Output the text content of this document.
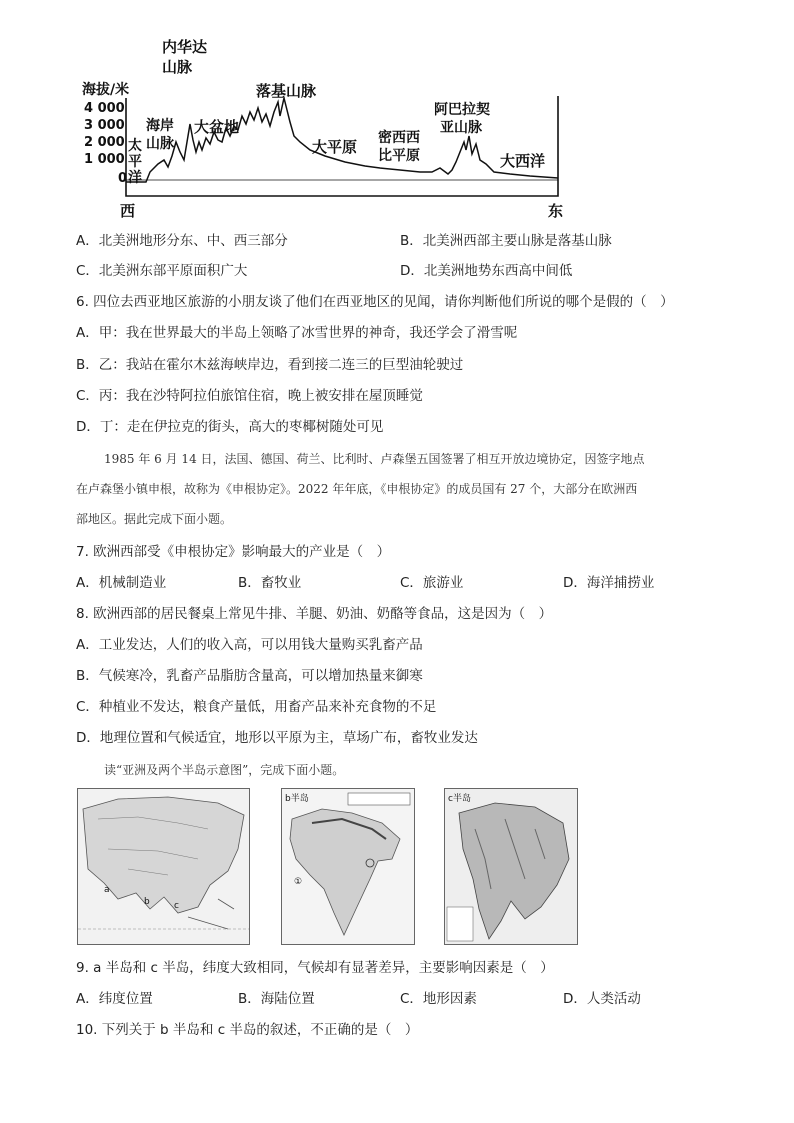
海拔/米
4 000
3 000
2 000
1 000
0
太
平
洋
海岸
山脉
内华达
山脉
大盆地
落基山脉
大平原 密西西
比平原
阿巴拉契
亚山脉
大西洋
西	东
A．北美洲地形分东、中、西三部分	B．北美洲西部主要山脉是落基山脉
C．北美洲东部平原面积广大	D．北美洲地势东西高中间低
6. 四位去西亚地区旅游的小朋友谈了他们在西亚地区的见闻，请你判断他们所说的哪个是假的（　）
A．甲：我在世界最大的半岛上领略了冰雪世界的神奇，我还学会了滑雪呢
B．乙：我站在霍尔木兹海峡岸边，看到接二连三的巨型油轮驶过
C．丙：我在沙特阿拉伯旅馆住宿，晚上被安排在屋顶睡觉
D．丁：走在伊拉克的街头，高大的枣椰树随处可见
1985 年 6 月 14 日，法国、德国、荷兰、比利时、卢森堡五国签署了相互开放边境协定，因签字地点
在卢森堡小镇申根，故称为《申根协定》。2022 年年底，《申根协定》的成员国有 27 个，大部分在欧洲西
部地区。据此完成下面小题。
7. 欧洲西部受《申根协定》影响最大的产业是（　）
A．机械制造业	B．畜牧业	C．旅游业	D．海洋捕捞业
8. 欧洲西部的居民餐桌上常见牛排、羊腿、奶油、奶酪等食品，这是因为（　）
A．工业发达，人们的收入高，可以用钱大量购买乳畜产品
B．气候寒冷，乳畜产品脂肪含量高，可以增加热量来御寒
C．种植业不发达，粮食产量低，用畜产品来补充食物的不足
D．地理位置和气候适宜，地形以平原为主，草场广布，畜牧业发达
读“亚洲及两个半岛示意图”，完成下面小题。
a
b	c
b半岛
①
c半岛
9. a 半岛和 c 半岛，纬度大致相同，气候却有显著差异，主要影响因素是（　）
A．纬度位置	B．海陆位置	C．地形因素	D．人类活动
10. 下列关于 b 半岛和 c 半岛的叙述，不正确的是（　）
